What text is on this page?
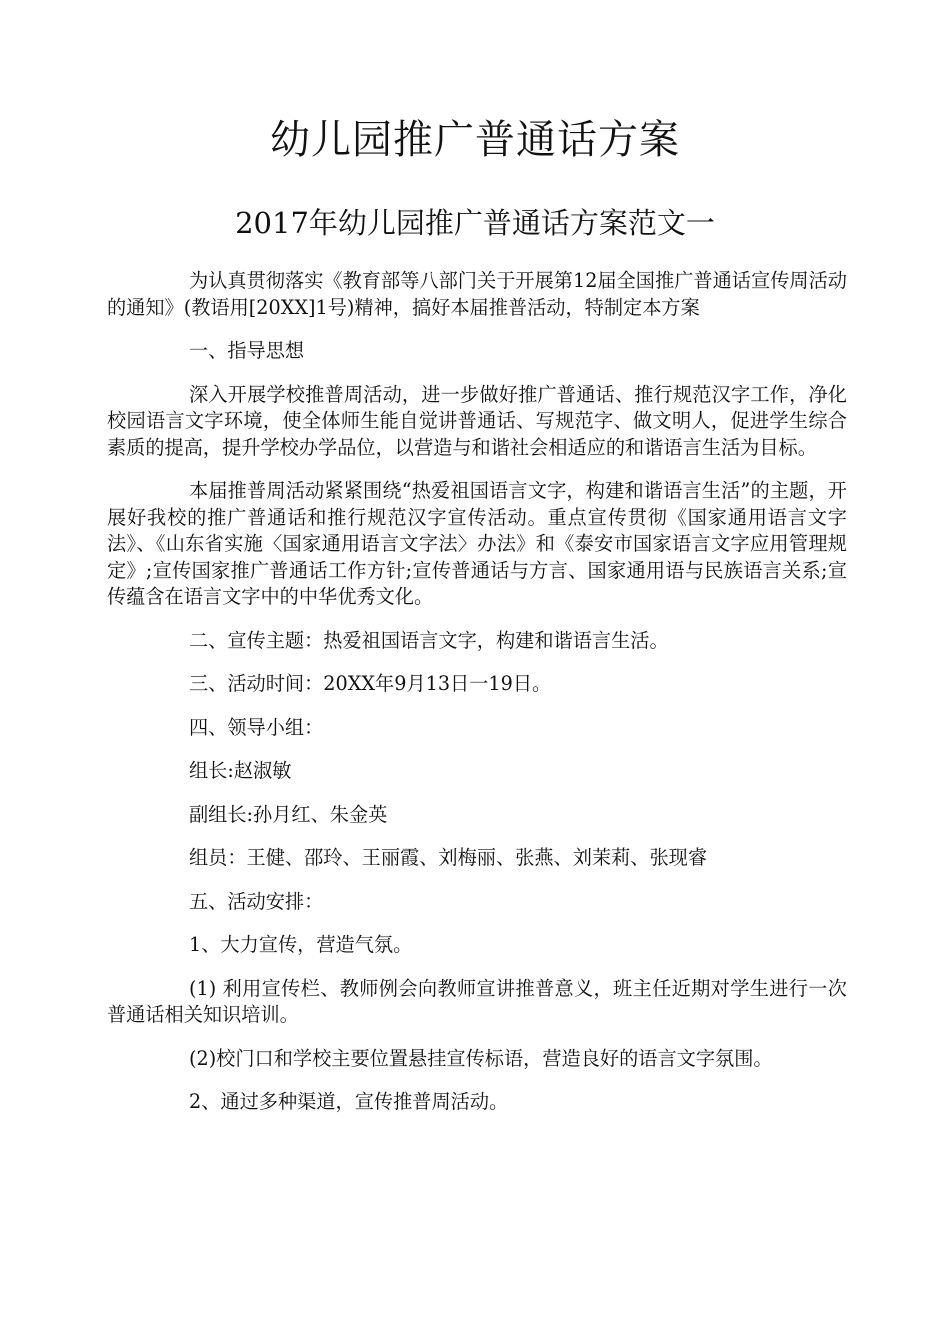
幼儿园推广普通话方案
2017年幼儿园推广普通话方案范文一

为认真贯彻落实《教育部等八部门关于开展第12届全国推广普通话宣传周活动的通知》(教语用[20XX]1号)精神，搞好本届推普活动，特制定本方案

一、指导思想

深入开展学校推普周活动，进一步做好推广普通话、推行规范汉字工作，净化校园语言文字环境，使全体师生能自觉讲普通话、写规范字、做文明人，促进学生综合素质的提高，提升学校办学品位，以营造与和谐社会相适应的和谐语言生活为目标。

本届推普周活动紧紧围绕“热爱祖国语言文字，构建和谐语言生活”的主题，开展好我校的推广普通话和推行规范汉字宣传活动。重点宣传贯彻《国家通用语言文字法》、《山东省实施〈国家通用语言文字法〉办法》和《泰安市国家语言文字应用管理规定》;宣传国家推广普通话工作方针;宣传普通话与方言、国家通用语与民族语言关系;宣传蕴含在语言文字中的中华优秀文化。

二、宣传主题：热爱祖国语言文字，构建和谐语言生活。

三、活动时间：20XX年9月13日一19日。

四、领导小组：

组长:赵淑敏

副组长:孙月红、朱金英

组员：王健、邵玲、王丽霞、刘梅丽、张燕、刘茉莉、张现睿

五、活动安排：

1、大力宣传，营造气氛。

(1) 利用宣传栏、教师例会向教师宣讲推普意义，班主任近期对学生进行一次普通话相关知识培训。

(2)校门口和学校主要位置悬挂宣传标语，营造良好的语言文字氛围。

2、通过多种渠道，宣传推普周活动。
